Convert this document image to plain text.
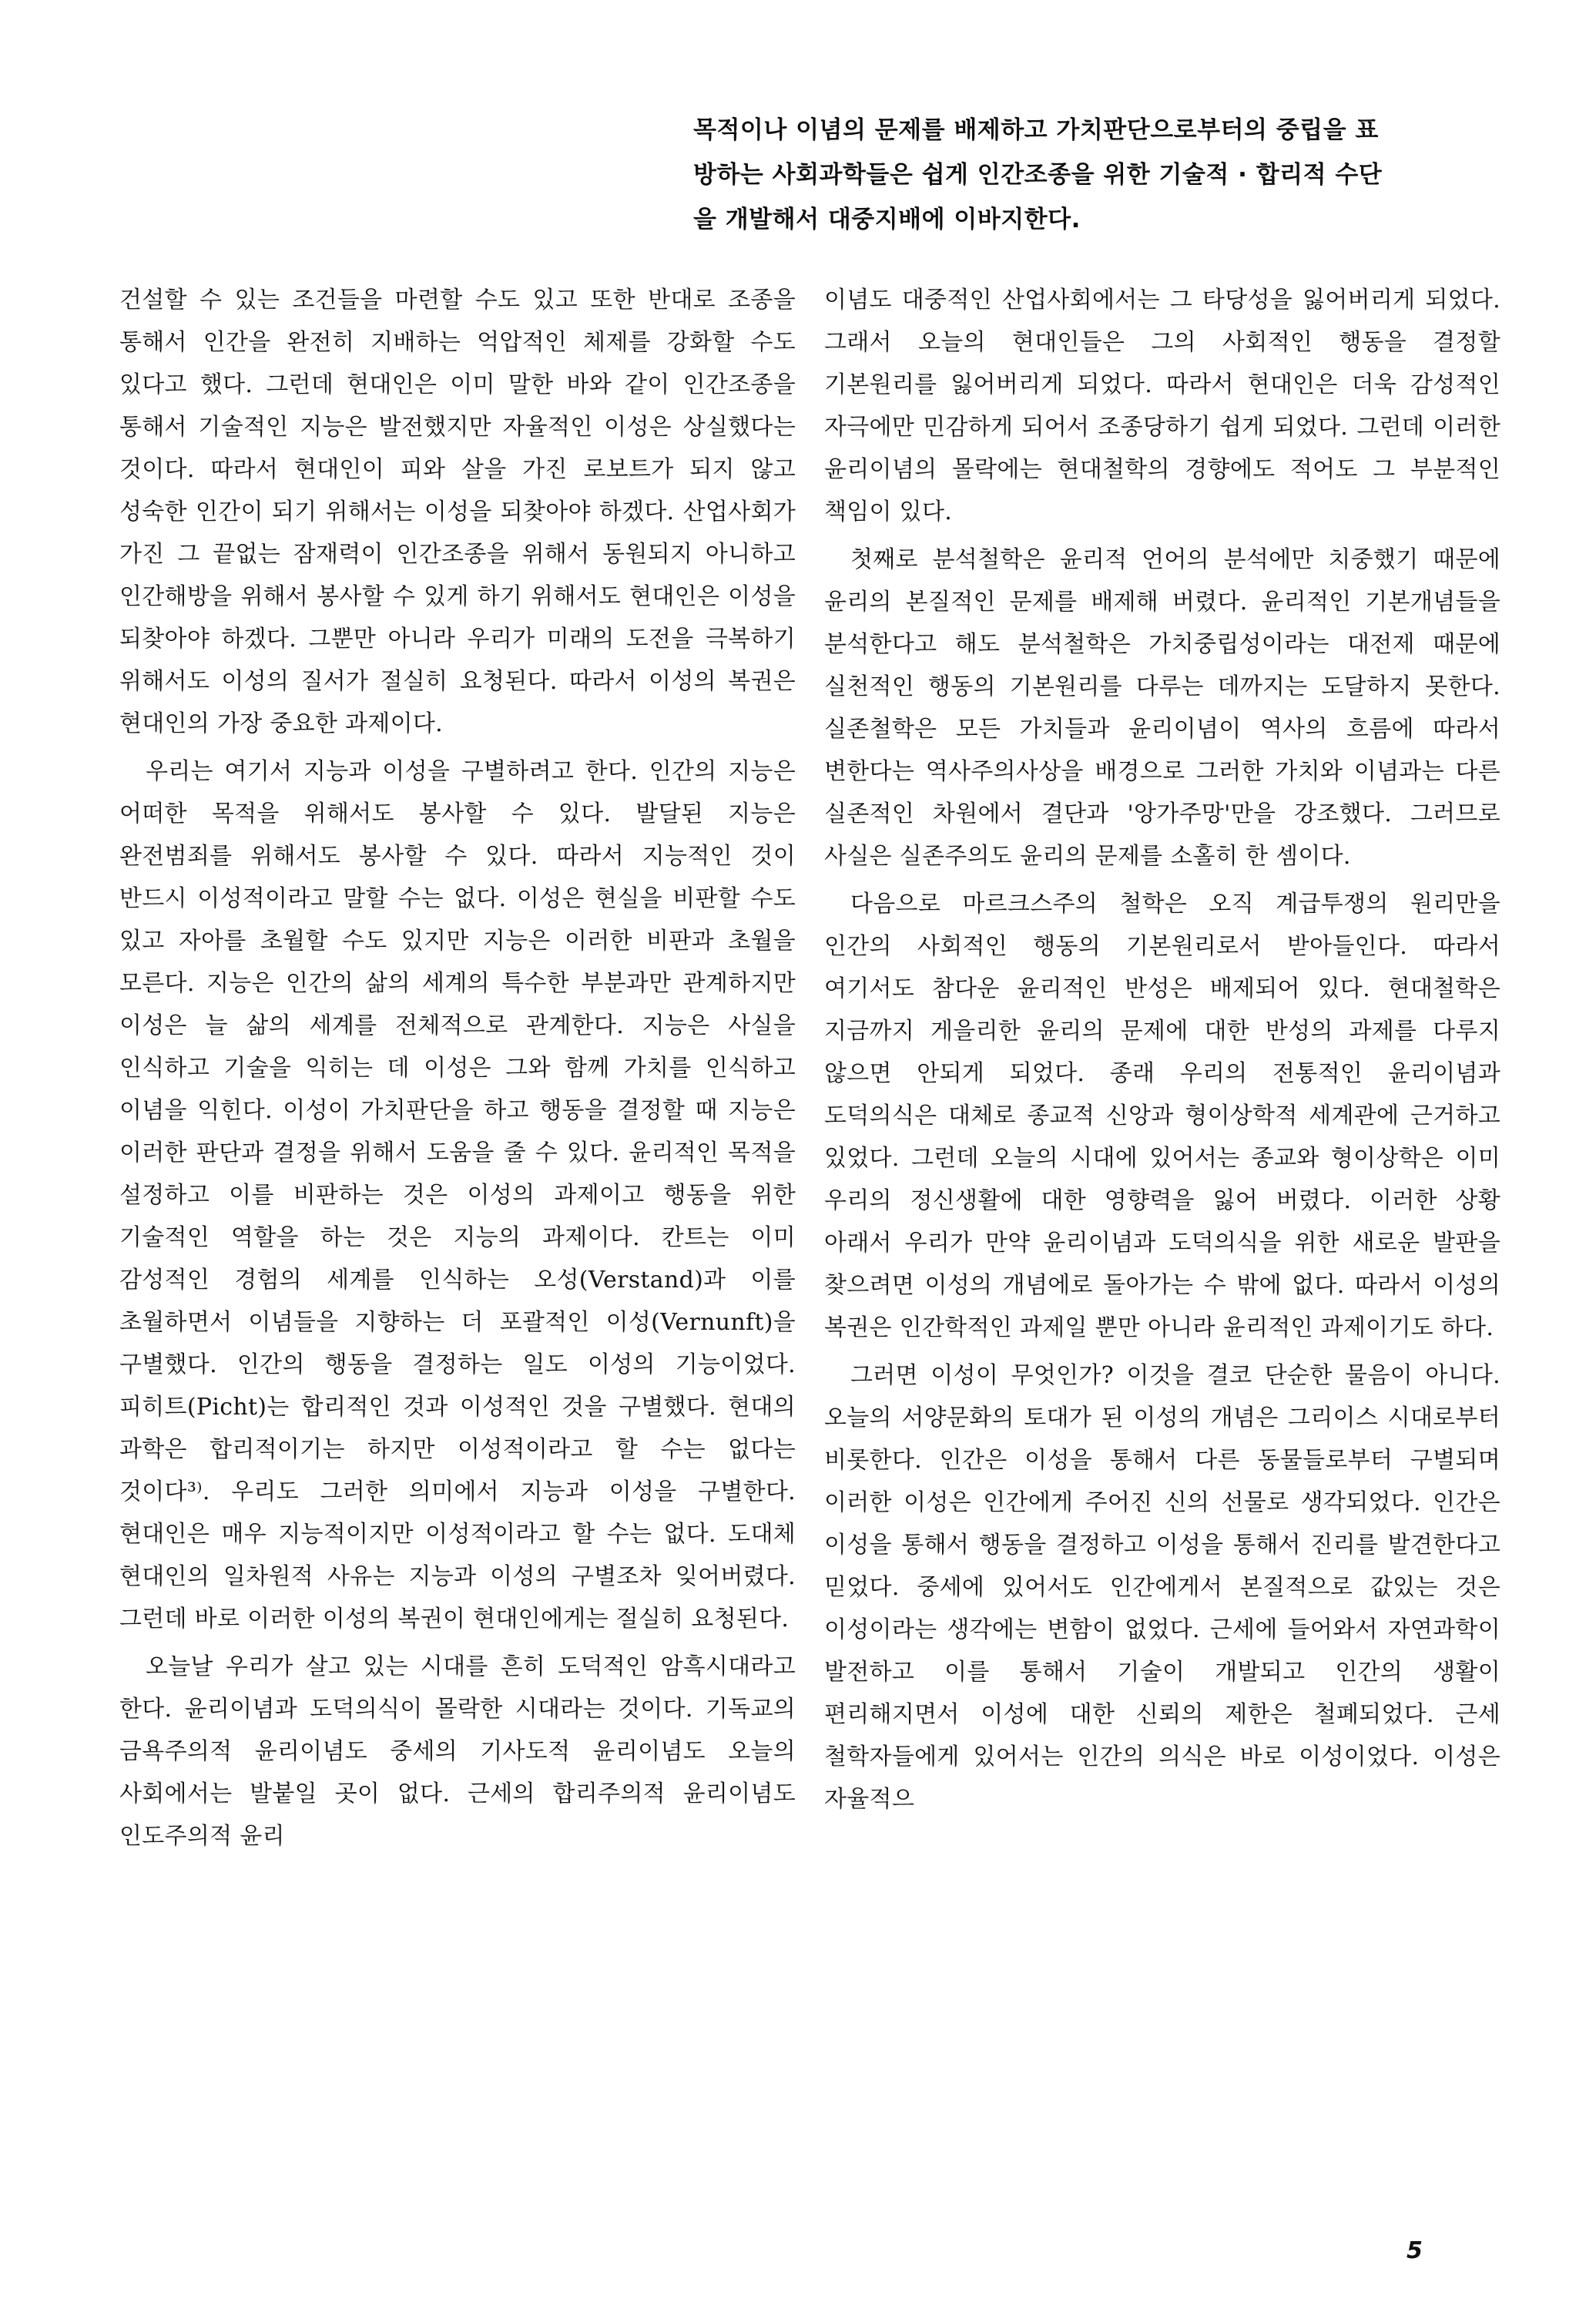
목적이나 이념의 문제를 배제하고 가치판단으로부터의 중립을 표

방하는 사회과학들은 쉽게 인간조종을 위한 기술적 · 합리적 수단

을 개발해서 대중지배에 이바지한다.

건설할 수 있는 조건들을 마련할 수도 있고 또한 반대로 조종을 통해서 인간을 완전히 지배하는 억압적인 체제를 강화할 수도 있다고 했다. 그런데 현대인은 이미 말한 바와 같이 인간조종을 통해서 기술적인 지능은 발전했지만 자율적인 이성은 상실했다는 것이다. 따라서 현대인이 피와 살을 가진 로보트가 되지 않고 성숙한 인간이 되기 위해서는 이성을 되찾아야 하겠다. 산업사회가 가진 그 끝없는 잠재력이 인간조종을 위해서 동원되지 아니하고 인간해방을 위해서 봉사할 수 있게 하기 위해서도 현대인은 이성을 되찾아야 하겠다. 그뿐만 아니라 우리가 미래의 도전을 극복하기 위해서도 이성의 질서가 절실히 요청된다. 따라서 이성의 복권은 현대인의 가장 중요한 과제이다.

우리는 여기서 지능과 이성을 구별하려고 한다. 인간의 지능은 어떠한 목적을 위해서도 봉사할 수 있다. 발달된 지능은 완전범죄를 위해서도 봉사할 수 있다. 따라서 지능적인 것이 반드시 이성적이라고 말할 수는 없다. 이성은 현실을 비판할 수도 있고 자아를 초월할 수도 있지만 지능은 이러한 비판과 초월을 모른다. 지능은 인간의 삶의 세계의 특수한 부분과만 관계하지만 이성은 늘 삶의 세계를 전체적으로 관계한다. 지능은 사실을 인식하고 기술을 익히는 데 이성은 그와 함께 가치를 인식하고 이념을 익힌다. 이성이 가치판단을 하고 행동을 결정할 때 지능은 이러한 판단과 결정을 위해서 도움을 줄 수 있다. 윤리적인 목적을 설정하고 이를 비판하는 것은 이성의 과제이고 행동을 위한 기술적인 역할을 하는 것은 지능의 과제이다. 칸트는 이미 감성적인 경험의 세계를 인식하는 오성(Verstand)과 이를 초월하면서 이념들을 지향하는 더 포괄적인 이성(Vernunft)을 구별했다. 인간의 행동을 결정하는 일도 이성의 기능이었다. 피히트(Picht)는 합리적인 것과 이성적인 것을 구별했다. 현대의 과학은 합리적이기는 하지만 이성적이라고 할 수는 없다는 것이다³⁾. 우리도 그러한 의미에서 지능과 이성을 구별한다. 현대인은 매우 지능적이지만 이성적이라고 할 수는 없다. 도대체 현대인의 일차원적 사유는 지능과 이성의 구별조차 잊어버렸다. 그런데 바로 이러한 이성의 복권이 현대인에게는 절실히 요청된다.

오늘날 우리가 살고 있는 시대를 흔히 도덕적인 암흑시대라고 한다. 윤리이념과 도덕의식이 몰락한 시대라는 것이다. 기독교의 금욕주의적 윤리이념도 중세의 기사도적 윤리이념도 오늘의 사회에서는 발붙일 곳이 없다. 근세의 합리주의적 윤리이념도 인도주의적 윤리

이념도 대중적인 산업사회에서는 그 타당성을 잃어버리게 되었다. 그래서 오늘의 현대인들은 그의 사회적인 행동을 결정할 기본원리를 잃어버리게 되었다. 따라서 현대인은 더욱 감성적인 자극에만 민감하게 되어서 조종당하기 쉽게 되었다. 그런데 이러한 윤리이념의 몰락에는 현대철학의 경향에도 적어도 그 부분적인 책임이 있다.

첫째로 분석철학은 윤리적 언어의 분석에만 치중했기 때문에 윤리의 본질적인 문제를 배제해 버렸다. 윤리적인 기본개념들을 분석한다고 해도 분석철학은 가치중립성이라는 대전제 때문에 실천적인 행동의 기본원리를 다루는 데까지는 도달하지 못한다. 실존철학은 모든 가치들과 윤리이념이 역사의 흐름에 따라서 변한다는 역사주의사상을 배경으로 그러한 가치와 이념과는 다른 실존적인 차원에서 결단과 '앙가주망'만을 강조했다. 그러므로 사실은 실존주의도 윤리의 문제를 소홀히 한 셈이다.

다음으로 마르크스주의 철학은 오직 계급투쟁의 원리만을 인간의 사회적인 행동의 기본원리로서 받아들인다. 따라서 여기서도 참다운 윤리적인 반성은 배제되어 있다. 현대철학은 지금까지 게을리한 윤리의 문제에 대한 반성의 과제를 다루지 않으면 안되게 되었다. 종래 우리의 전통적인 윤리이념과 도덕의식은 대체로 종교적 신앙과 형이상학적 세계관에 근거하고 있었다. 그런데 오늘의 시대에 있어서는 종교와 형이상학은 이미 우리의 정신생활에 대한 영향력을 잃어 버렸다. 이러한 상황 아래서 우리가 만약 윤리이념과 도덕의식을 위한 새로운 발판을 찾으려면 이성의 개념에로 돌아가는 수 밖에 없다. 따라서 이성의 복권은 인간학적인 과제일 뿐만 아니라 윤리적인 과제이기도 하다.

그러면 이성이 무엇인가? 이것을 결코 단순한 물음이 아니다. 오늘의 서양문화의 토대가 된 이성의 개념은 그리이스 시대로부터 비롯한다. 인간은 이성을 통해서 다른 동물들로부터 구별되며 이러한 이성은 인간에게 주어진 신의 선물로 생각되었다. 인간은 이성을 통해서 행동을 결정하고 이성을 통해서 진리를 발견한다고 믿었다. 중세에 있어서도 인간에게서 본질적으로 값있는 것은 이성이라는 생각에는 변함이 없었다. 근세에 들어와서 자연과학이 발전하고 이를 통해서 기술이 개발되고 인간의 생활이 편리해지면서 이성에 대한 신뢰의 제한은 철폐되었다. 근세 철학자들에게 있어서는 인간의 의식은 바로 이성이었다. 이성은 자율적으

5
